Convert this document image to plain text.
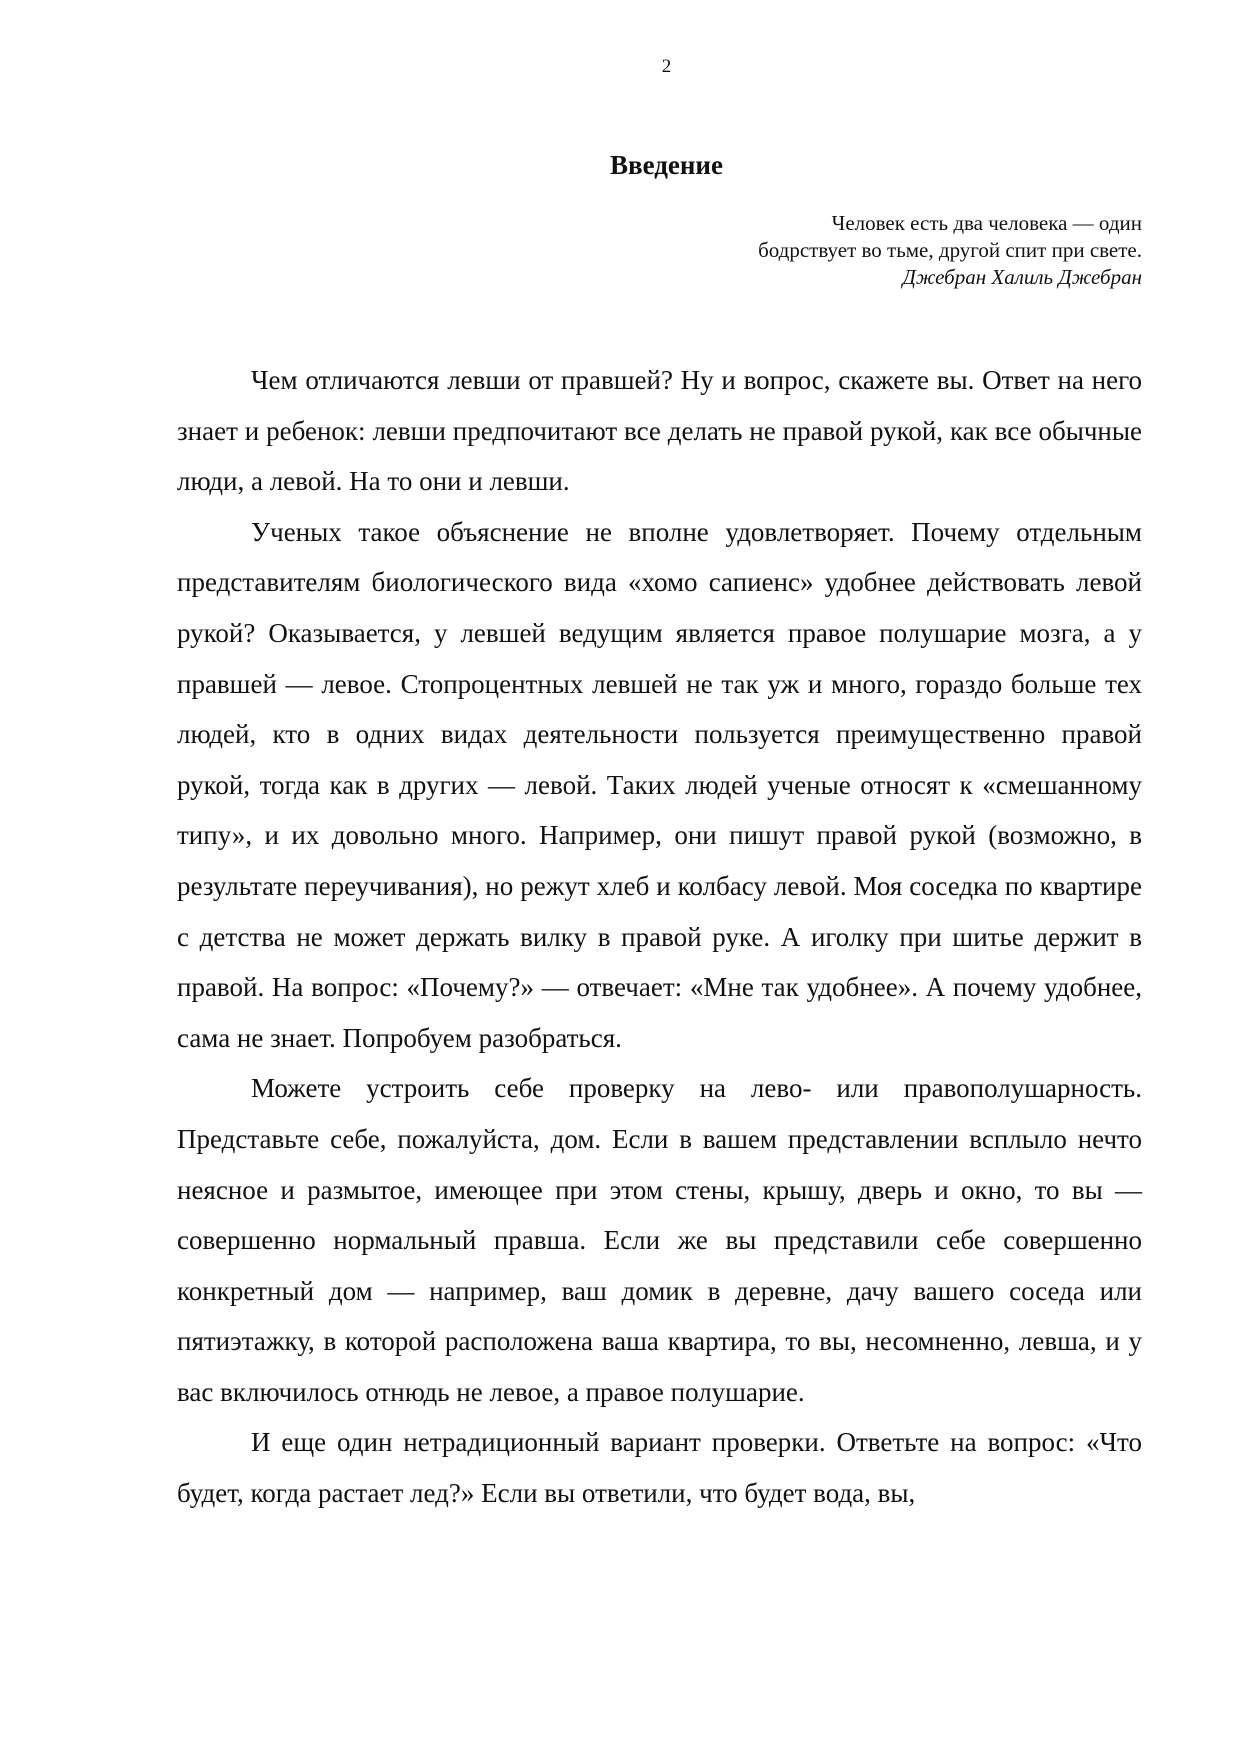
2
Введение
Человек есть два человека — один
бодрствует во тьме, другой спит при свете.
Джебран Халиль Джебран

Чем отличаются левши от правшей? Ну и вопрос, скажете вы. Ответ на него знает и ребенок: левши предпочитают все делать не правой рукой, как все обычные люди, а левой. На то они и левши.

Ученых такое объяснение не вполне удовлетворяет. Почему отдельным представителям биологического вида «хомо сапиенс» удобнее действовать левой рукой? Оказывается, у левшей ведущим является правое полушарие мозга, а у правшей — левое. Стопроцентных левшей не так уж и много, гораздо больше тех людей, кто в одних видах деятельности пользуется преимущественно правой рукой, тогда как в других — левой. Таких людей ученые относят к «смешанному типу», и их довольно много. Например, они пишут правой рукой (возможно, в результате переучивания), но режут хлеб и колбасу левой. Моя соседка по квартире с детства не может держать вилку в правой руке. А иголку при шитье держит в правой. На вопрос: «Почему?» — отвечает: «Мне так удобнее». А почему удобнее, сама не знает. Попробуем разобраться.

Можете устроить себе проверку на лево- или правополушарность. Представьте себе, пожалуйста, дом. Если в вашем представлении всплыло нечто неясное и размытое, имеющее при этом стены, крышу, дверь и окно, то вы — совершенно нормальный правша. Если же вы представили себе совершенно конкретный дом — например, ваш домик в деревне, дачу вашего соседа или пятиэтажку, в которой расположена ваша квартира, то вы, несомненно, левша, и у вас включилось отнюдь не левое, а правое полушарие.

И еще один нетрадиционный вариант проверки. Ответьте на вопрос: «Что будет, когда растает лед?» Если вы ответили, что будет вода, вы,
